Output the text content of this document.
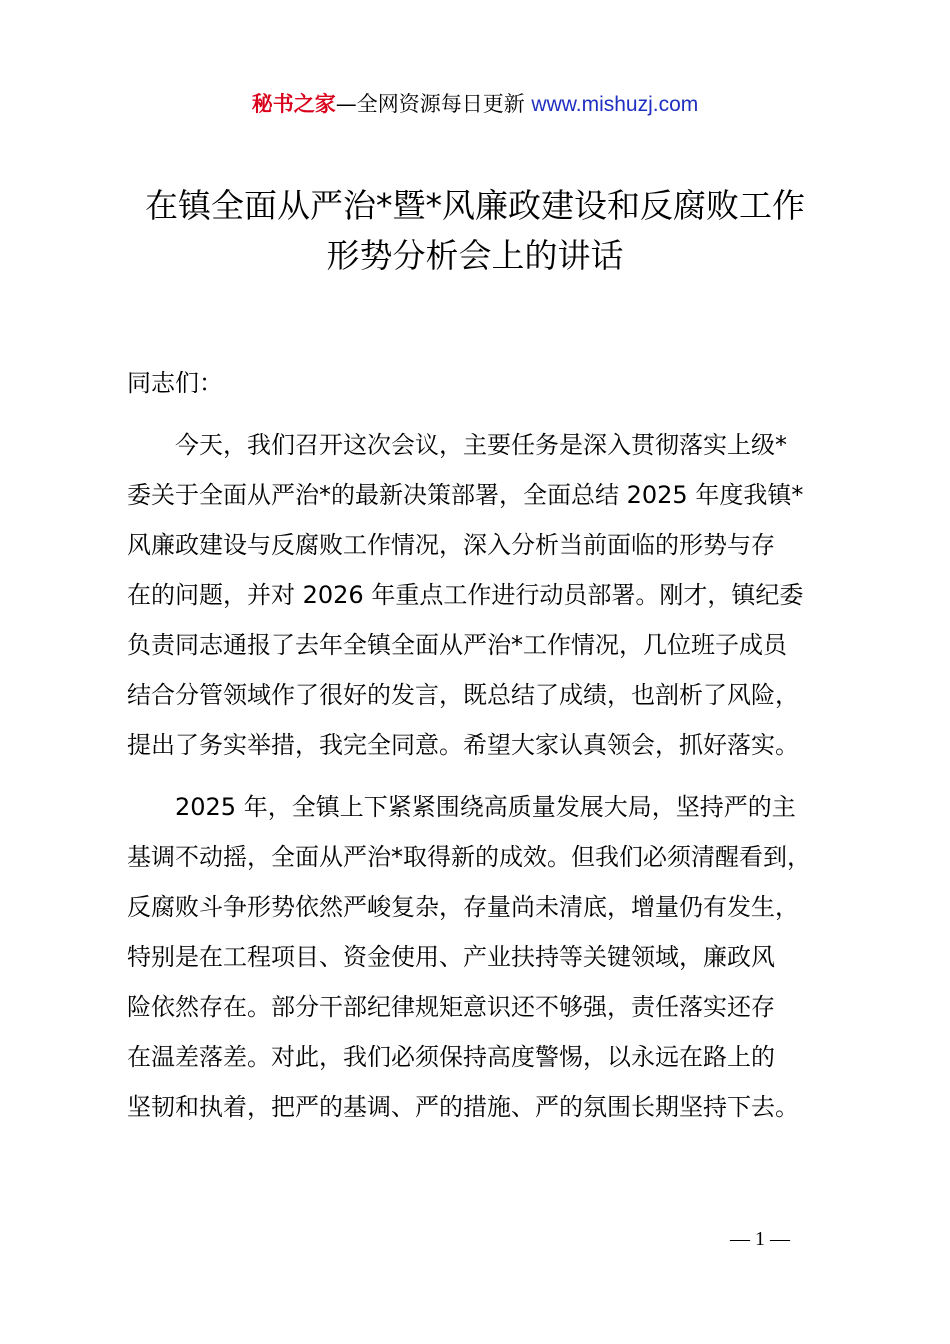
秘书之家—全网资源每日更新 www.mishuzj.com
在镇全面从严治*暨*风廉政建设和反腐败工作
形势分析会上的讲话
同志们：
　　今天，我们召开这次会议，主要任务是深入贯彻落实上级*
委关于全面从严治*的最新决策部署，全面总结 2025 年度我镇*
风廉政建设与反腐败工作情况，深入分析当前面临的形势与存
在的问题，并对 2026 年重点工作进行动员部署。刚才，镇纪委
负责同志通报了去年全镇全面从严治*工作情况，几位班子成员
结合分管领域作了很好的发言，既总结了成绩，也剖析了风险，
提出了务实举措，我完全同意。希望大家认真领会，抓好落实。
　　2025 年，全镇上下紧紧围绕高质量发展大局，坚持严的主
基调不动摇，全面从严治*取得新的成效。但我们必须清醒看到，
反腐败斗争形势依然严峻复杂，存量尚未清底，增量仍有发生，
特别是在工程项目、资金使用、产业扶持等关键领域，廉政风
险依然存在。部分干部纪律规矩意识还不够强，责任落实还存
在温差落差。对此，我们必须保持高度警惕，以永远在路上的
坚韧和执着，把严的基调、严的措施、严的氛围长期坚持下去。
— 1 —
